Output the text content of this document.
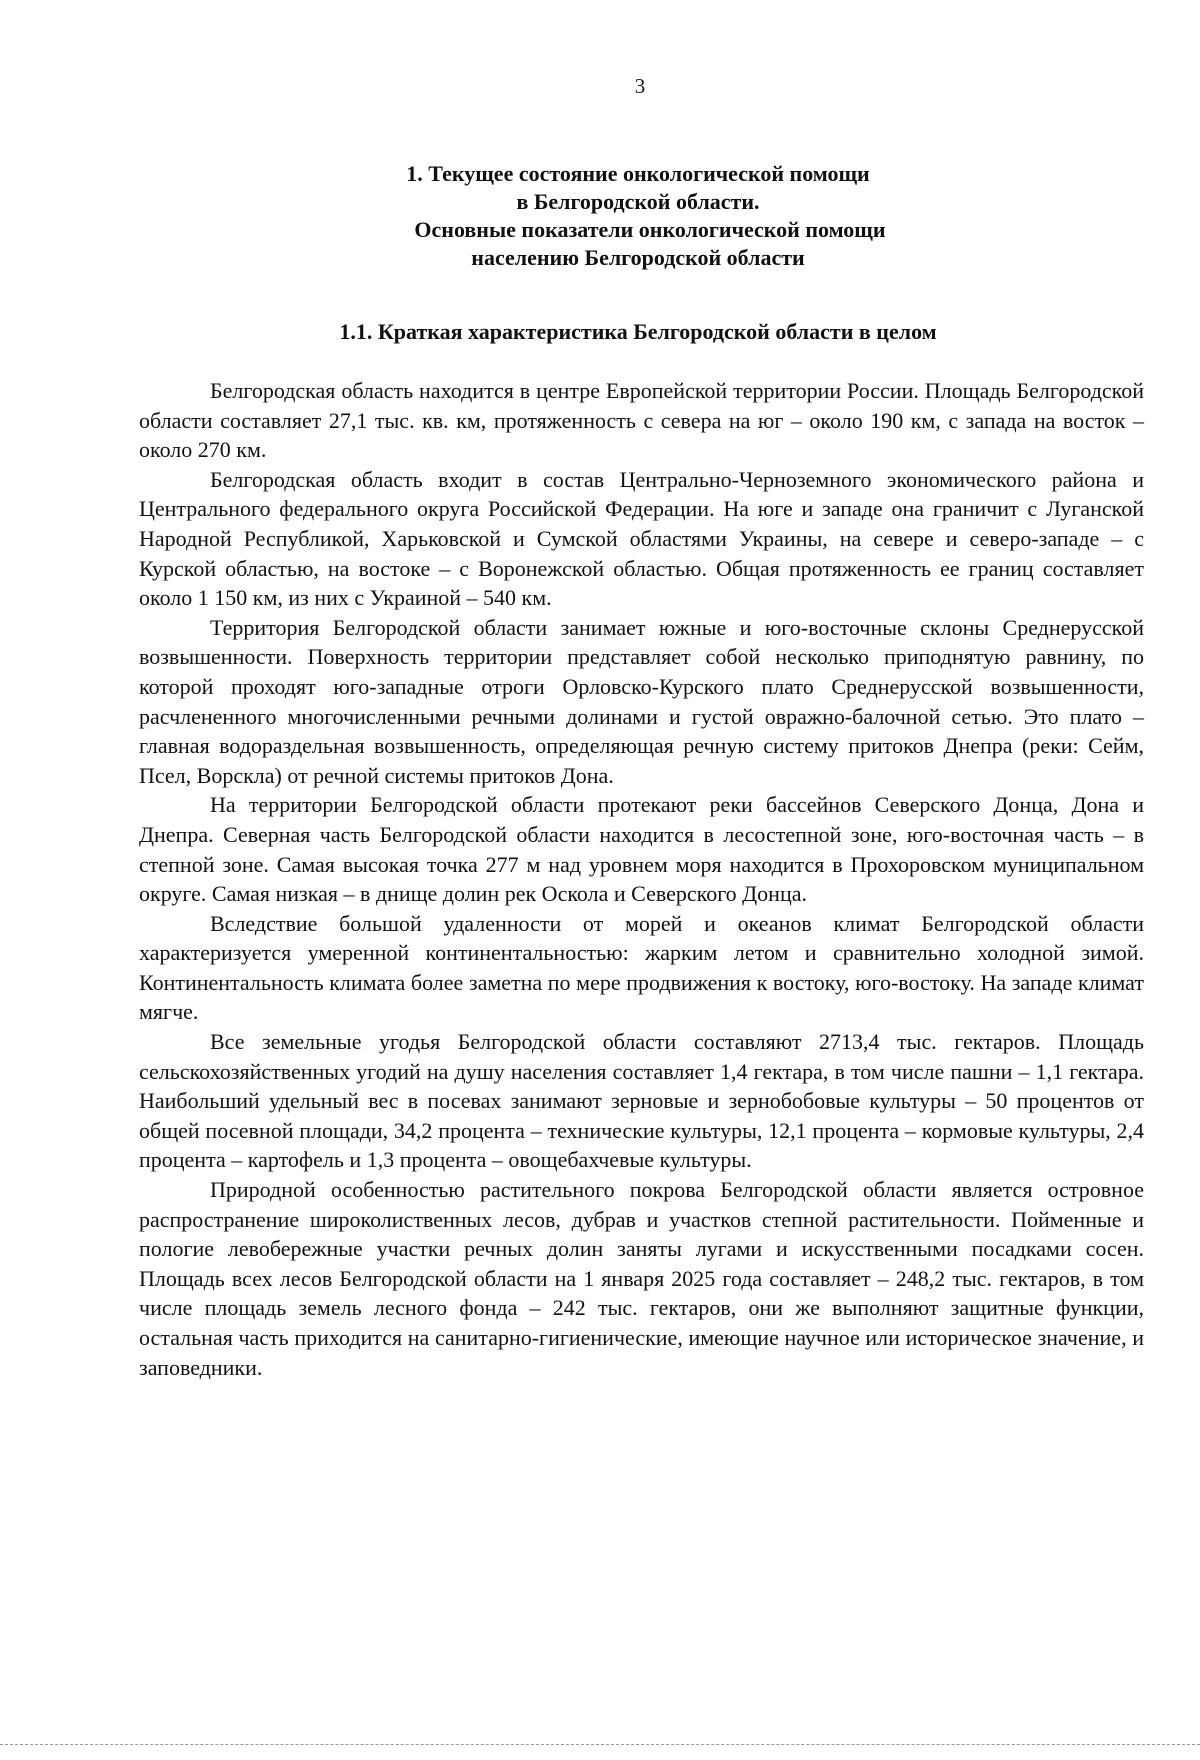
3
1. Текущее состояние онкологической помощи
в Белгородской области.
Основные показатели онкологической помощи
населению Белгородской области
1.1. Краткая характеристика Белгородской области в целом

Белгородская область находится в центре Европейской территории России. Площадь Белгородской области составляет 27,1 тыс. кв. км, протяженность с севера на юг – около 190 км, с запада на восток – около 270 км.

Белгородская область входит в состав Центрально-Черноземного экономического района и Центрального федерального округа Российской Федерации. На юге и западе она граничит с Луганской Народной Республикой, Харьковской и Сумской областями Украины, на севере и северо-западе – с Курской областью, на востоке – с Воронежской областью. Общая протяженность ее границ составляет около 1 150 км, из них с Украиной – 540 км.

Территория Белгородской области занимает южные и юго-восточные склоны Среднерусской возвышенности. Поверхность территории представляет собой несколько приподнятую равнину, по которой проходят юго-западные отроги Орловско-Курского плато Среднерусской возвышенности, расчлененного многочисленными речными долинами и густой овражно-балочной сетью. Это плато – главная водораздельная возвышенность, определяющая речную систему притоков Днепра (реки: Сейм, Псел, Ворскла) от речной системы притоков Дона.

На территории Белгородской области протекают реки бассейнов Северского Донца, Дона и Днепра. Северная часть Белгородской области находится в лесостепной зоне, юго-восточная часть – в степной зоне. Самая высокая точка 277 м над уровнем моря находится в Прохоровском муниципальном округе. Самая низкая – в днище долин рек Оскола и Северского Донца.

Вследствие большой удаленности от морей и океанов климат Белгородской области характеризуется умеренной континентальностью: жарким летом и сравнительно холодной зимой. Континентальность климата более заметна по мере продвижения к востоку, юго-востоку. На западе климат мягче.

Все земельные угодья Белгородской области составляют 2713,4 тыс. гектаров. Площадь сельскохозяйственных угодий на душу населения составляет 1,4 гектара, в том числе пашни – 1,1 гектара. Наибольший удельный вес в посевах занимают зерновые и зернобобовые культуры – 50 процентов от общей посевной площади, 34,2 процента – технические культуры, 12,1 процента – кормовые культуры, 2,4 процента – картофель и 1,3 процента – овощебахчевые культуры.

Природной особенностью растительного покрова Белгородской области является островное распространение широколиственных лесов, дубрав и участков степной растительности. Пойменные и пологие левобережные участки речных долин заняты лугами и искусственными посадками сосен. Площадь всех лесов Белгородской области на 1 января 2025 года составляет – 248,2 тыс. гектаров, в том числе площадь земель лесного фонда – 242 тыс. гектаров, они же выполняют защитные функции, остальная часть приходится на санитарно-гигиенические, имеющие научное или историческое значение, и заповедники.
